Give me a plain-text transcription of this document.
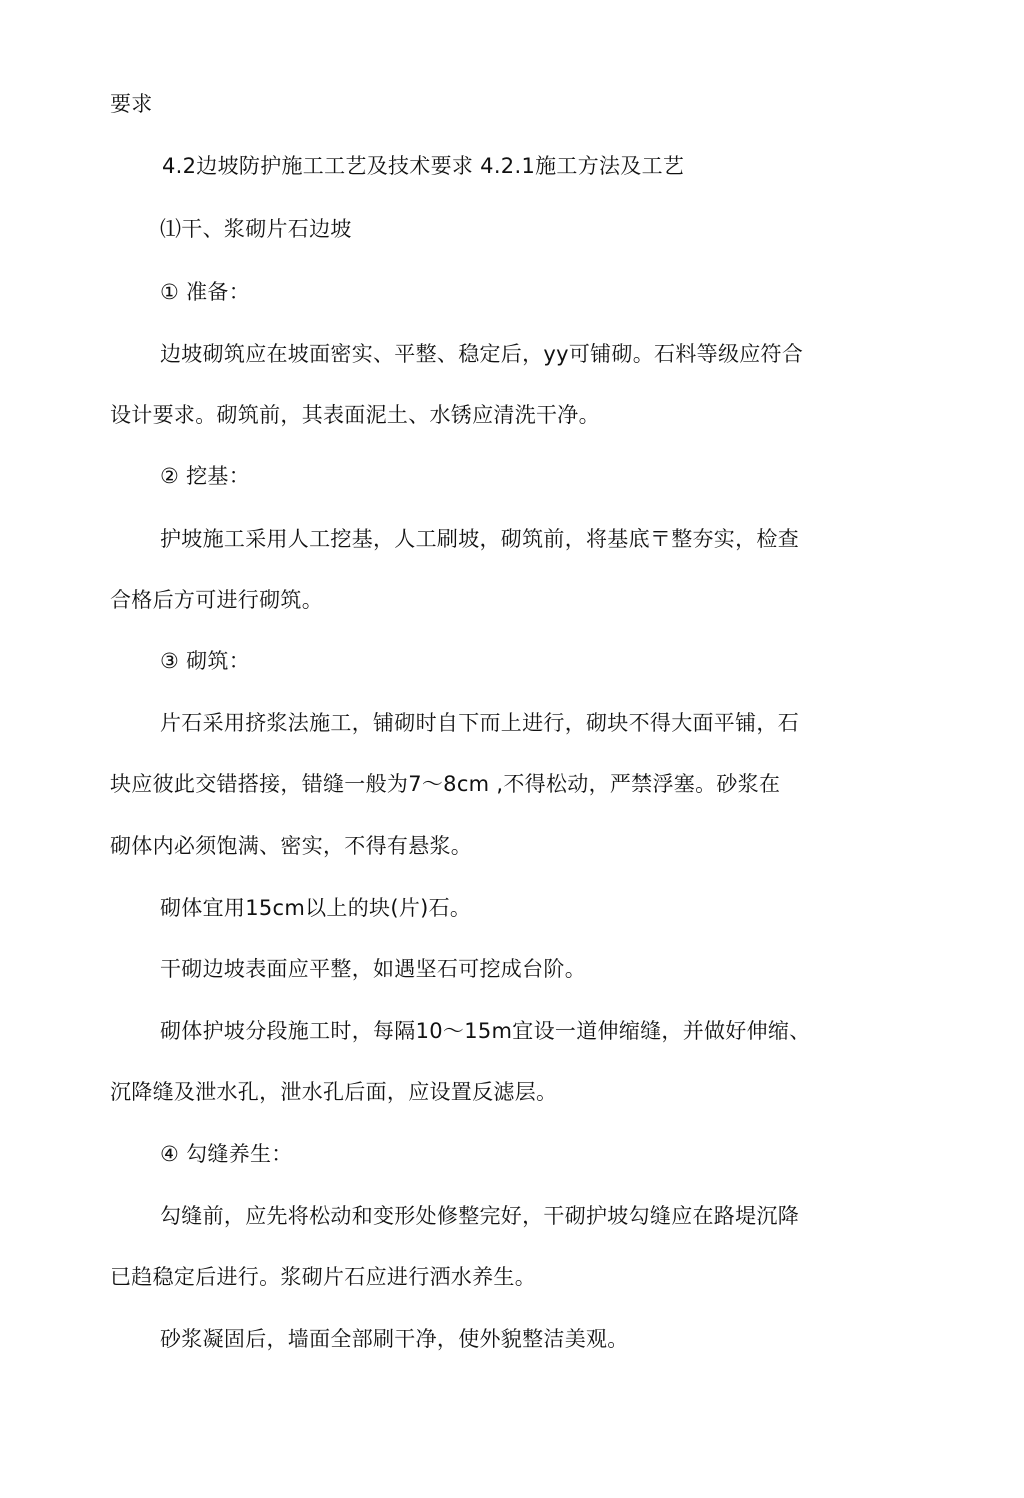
要求
4.2边坡防护施工工艺及技术要求 4.2.1施工方法及工艺
⑴干、浆砌片石边坡
① 准备：
边坡砌筑应在坡面密实、平整、稳定后，yy可铺砌。石料等级应符合
设计要求。砌筑前，其表面泥土、水锈应清洗干净。
② 挖基：
护坡施工采用人工挖基，人工刷坡，砌筑前，将基底〒整夯实，检查
合格后方可进行砌筑。
③ 砌筑：
片石采用挤浆法施工，铺砌时自下而上进行，砌块不得大面平铺，石
块应彼此交错搭接，错缝一般为7～8cm ,不得松动，严禁浮塞。砂浆在
砌体内必须饱满、密实，不得有悬浆。
砌体宜用15cm以上的块(片)石。
干砌边坡表面应平整，如遇坚石可挖成台阶。
砌体护坡分段施工时，每隔10～15m宜设一道伸缩缝，并做好伸缩、
沉降缝及泄水孔，泄水孔后面，应设置反滤层。
④ 勾缝养生：
勾缝前，应先将松动和变形处修整完好，干砌护坡勾缝应在路堤沉降
已趋稳定后进行。浆砌片石应进行洒水养生。
砂浆凝固后，墙面全部刷干净，使外貌整洁美观。
